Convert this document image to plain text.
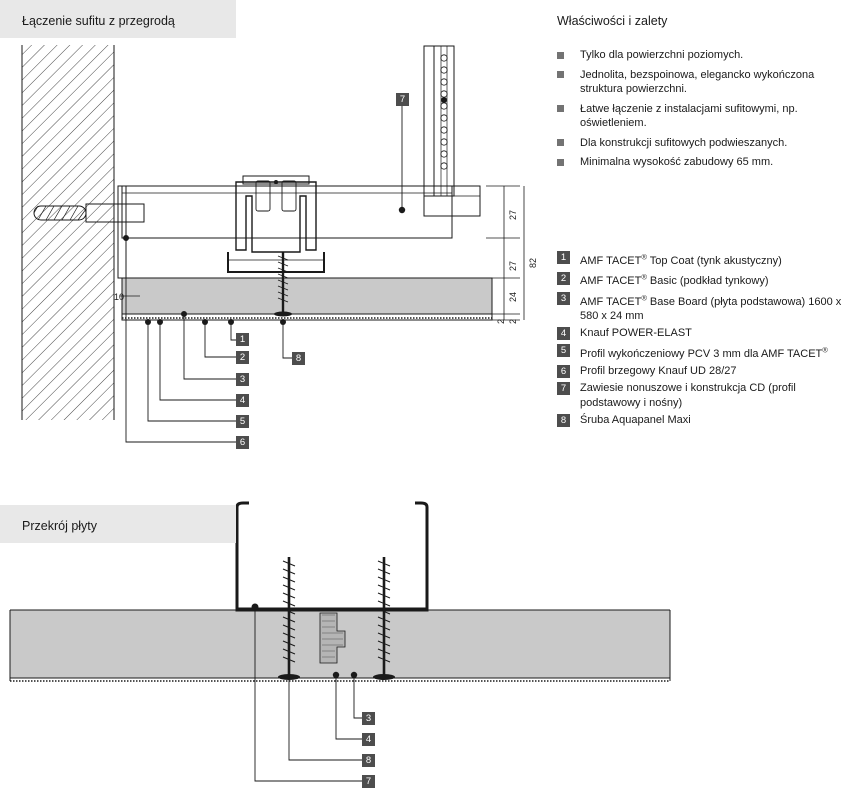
Łączenie sufitu z przegrodą
7
1
2
3
4
5
6
8
27
27
24
2
2
82
10
Właściwości i zalety
Tylko dla powierzchni poziomych.
Jednolita, bezspoinowa, elegancko wykończona struktura powierzchni.
Łatwe łączenie z instalacjami sufitowymi, np. oświetleniem.
Dla konstrukcji sufitowych podwieszanych.
Minimalna wysokość zabudowy 65 mm.
1	AMF TACET® Top Coat (tynk akustyczny)
2	AMF TACET® Basic (podkład tynkowy)
3	AMF TACET® Base Board (płyta podstawowa) 1600 x 580 x 24 mm
4	Knauf POWER-ELAST
5	Profil wykończeniowy PCV 3 mm dla AMF TACET®
6	Profil brzegowy Knauf UD 28/27
7	Zawiesie nonuszowe i konstrukcja CD (profil podstawowy i nośny)
8	Śruba Aquapanel Maxi
Przekrój płyty
3
4
8
7
